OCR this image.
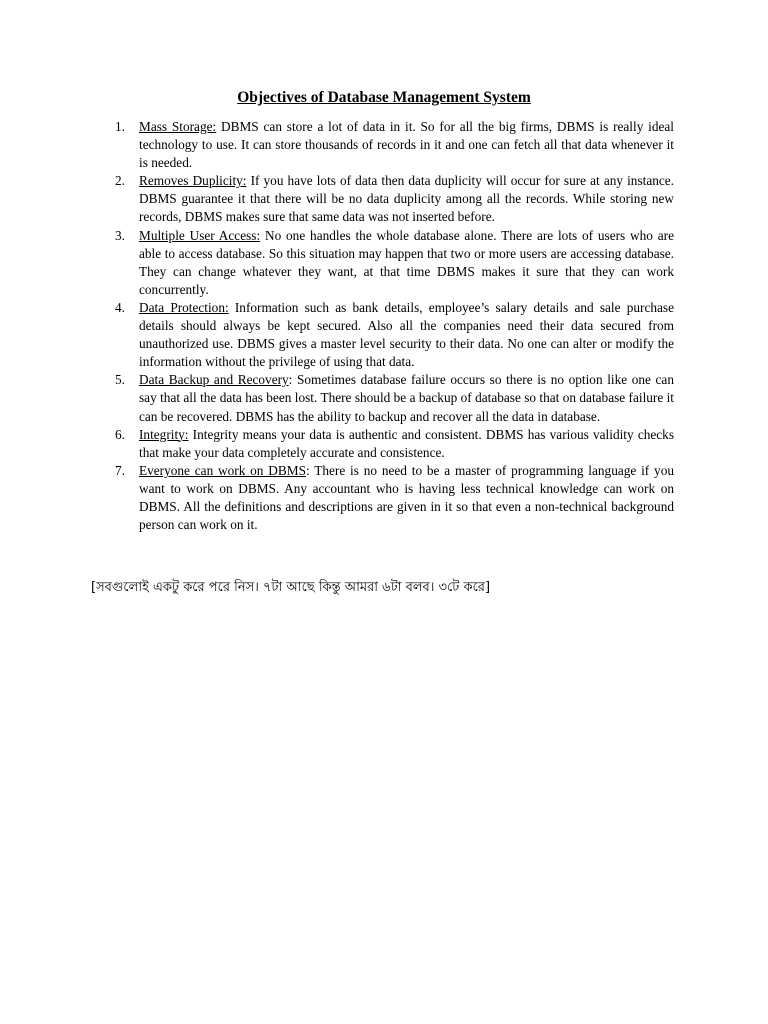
Objectives of Database Management System
1. Mass Storage: DBMS can store a lot of data in it. So for all the big firms, DBMS is really ideal technology to use. It can store thousands of records in it and one can fetch all that data whenever it is needed.
2. Removes Duplicity: If you have lots of data then data duplicity will occur for sure at any instance. DBMS guarantee it that there will be no data duplicity among all the records. While storing new records, DBMS makes sure that same data was not inserted before.
3. Multiple User Access: No one handles the whole database alone. There are lots of users who are able to access database. So this situation may happen that two or more users are accessing database. They can change whatever they want, at that time DBMS makes it sure that they can work concurrently.
4. Data Protection: Information such as bank details, employee’s salary details and sale purchase details should always be kept secured. Also all the companies need their data secured from unauthorized use. DBMS gives a master level security to their data. No one can alter or modify the information without the privilege of using that data.
5. Data Backup and Recovery: Sometimes database failure occurs so there is no option like one can say that all the data has been lost. There should be a backup of database so that on database failure it can be recovered. DBMS has the ability to backup and recover all the data in database.
6. Integrity: Integrity means your data is authentic and consistent. DBMS has various validity checks that make your data completely accurate and consistence.
7. Everyone can work on DBMS: There is no need to be a master of programming language if you want to work on DBMS. Any accountant who is having less technical knowledge can work on DBMS. All the definitions and descriptions are given in it so that even a non-technical background person can work on it.
[সবগুলোই একটু করে পরে নিস। ৭টা আছে কিন্তু আমরা ৬টা বলব। ৩টে করে]
